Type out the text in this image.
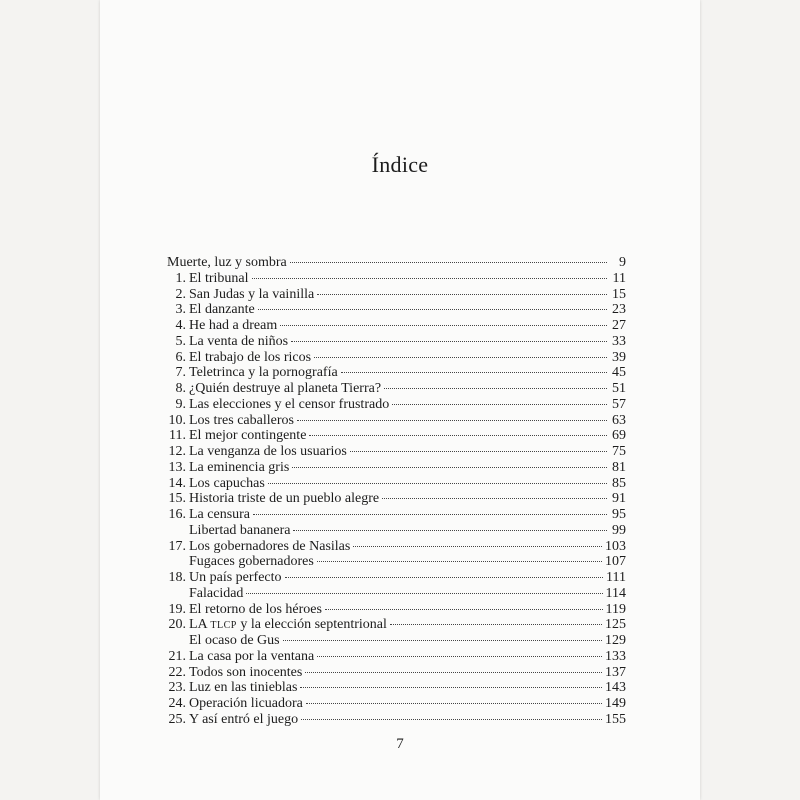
Índice
7
Muerte, luz y sombra	9
1. El tribunal	11
2. San Judas y la vainilla	15
3. El danzante	23
4. He had a dream	27
5. La venta de niños	33
6. El trabajo de los ricos	39
7. Teletrinca y la pornografía	45
8. ¿Quién destruye al planeta Tierra?	51
9. Las elecciones y el censor frustrado	57
10. Los tres caballeros	63
11. El mejor contingente	69
12. La venganza de los usuarios	75
13. La eminencia gris	81
14. Los capuchas	85
15. Historia triste de un pueblo alegre	91
16. La censura	95
Libertad bananera	99
17. Los gobernadores de Nasilas	103
Fugaces gobernadores	107
18. Un país perfecto	111
Falacidad	114
19. El retorno de los héroes	119
20. LA TLCP y la elección septentrional	125
El ocaso de Gus	129
21. La casa por la ventana	133
22. Todos son inocentes	137
23. Luz en las tinieblas	143
24. Operación licuadora	149
25. Y así entró el juego	155
